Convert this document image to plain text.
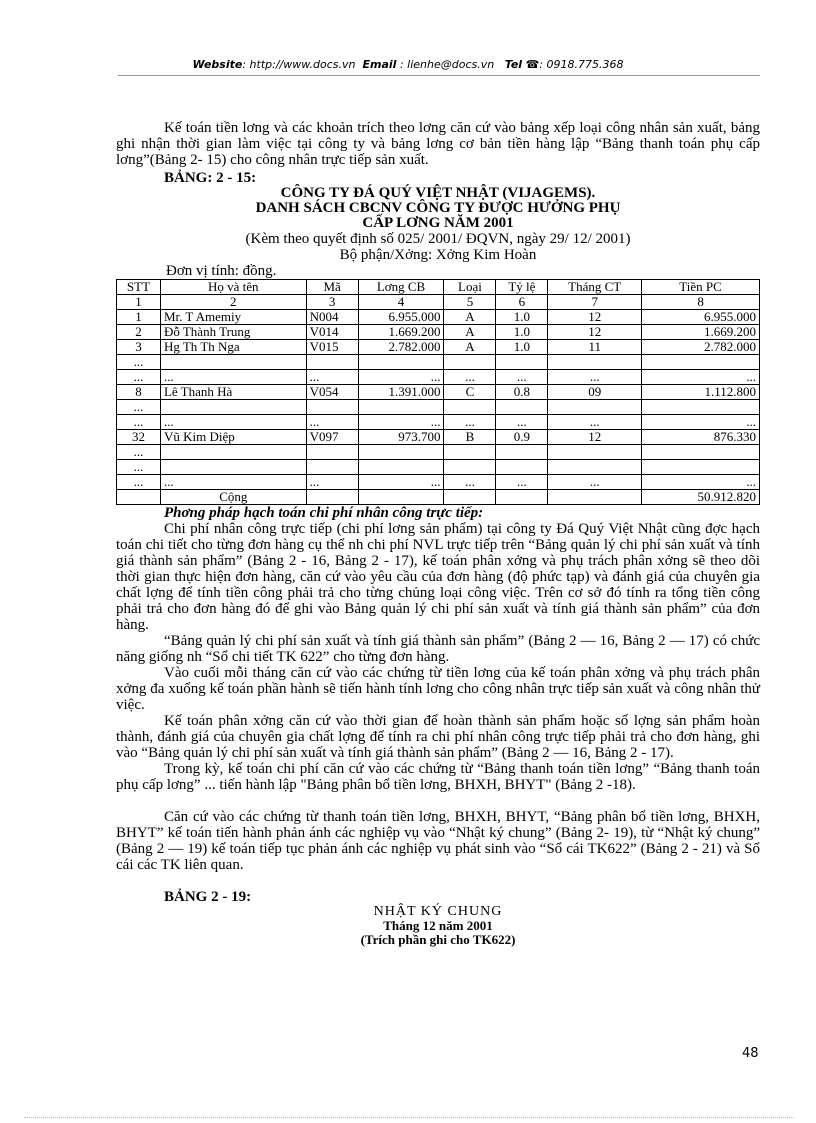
Website: http://www.docs.vn Email : lienhe@docs.vn Tel ☎: 0918.775.368

Kế toán tiền lơng và các khoản trích theo lơng căn cứ vào bảng xếp loại công nhân sản xuất, bảng ghi nhận thời gian làm việc tại công ty và bảng lơng cơ bản tiền hàng lập “Bảng thanh toán phụ cấp lơng”(Bảng 2- 15) cho công nhân trực tiếp sản xuất.

BẢNG: 2 - 15:
CÔNG TY ĐÁ QUÝ VIỆT NHẬT (VIJAGEMS).
DANH SÁCH CBCNV CÔNG TY ĐƯỢC HƯỞNG PHỤ
CẤP LƠNG NĂM 2001
(Kèm theo quyết định số 025/ 2001/ ĐQVN, ngày 29/ 12/ 2001)
Bộ phận/Xởng: Xởng Kim Hoàn
Đơn vị tính: đồng.
STT	Họ và tên	Mã	Lơng CB	Loại	Tỷ lệ	Tháng CT	Tiền PC
1	2	3	4	5	6	7	8
1	Mr. T Amemiy	N004	6.955.000	A	1.0	12	6.955.000
2	Đỗ Thành Trung	V014	1.669.200	A	1.0	12	1.669.200
3	Hg Th Th Nga	V015	2.782.000	A	1.0	11	2.782.000
...							
...	...	...	...	...	...	...	...
8	Lê Thanh Hà	V054	1.391.000	C	0.8	09	1.112.800
...							
...	...	...	...	...	...	...	...
32	Vũ Kim Diệp	V097	973.700	B	0.9	12	876.330
...							
...							
...	...	...	...	...	...	...	...
	Cộng						50.912.820
Phơng pháp hạch toán chi phí nhân công trực tiếp:

Chi phí nhân công trực tiếp (chi phí lơng sản phẩm) tại công ty Đá Quý Việt Nhật cũng đợc hạch toán chi tiết cho từng đơn hàng cụ thể nh chi phí NVL trực tiếp trên “Bảng quản lý chi phí sản xuất và tính giá thành sản phẩm” (Bảng 2 - 16, Bảng 2 - 17), kế toán phân xởng và phụ trách phân xởng sẽ theo dõi thời gian thực hiện đơn hàng, căn cứ vào yêu cầu của đơn hàng (độ phức tạp) và đánh giá của chuyên gia chất lợng để tính tiền công phải trả cho từng chủng loại công việc. Trên cơ sở đó tính ra tổng tiền công phải trả cho đơn hàng đó để ghi vào Bảng quản lý chi phí sản xuất và tính giá thành sản phẩm” của đơn hàng.

“Bảng quản lý chi phí sản xuất và tính giá thành sản phẩm” (Bảng 2 — 16, Bảng 2 — 17) có chức năng giống nh “Sổ chi tiết TK 622” cho từng đơn hàng.

Vào cuối mỗi tháng căn cứ vào các chứng từ tiền lơng của kế toán phân xởng và phụ trách phân xởng đa xuống kế toán phần hành sẽ tiến hành tính lơng cho công nhân trực tiếp sản xuất và công nhân thử việc.

Kế toán phân xởng căn cứ vào thời gian để hoàn thành sản phẩm hoặc số lợng sản phẩm hoàn thành, đánh giá của chuyên gia chất lợng để tính ra chi phí nhân công trực tiếp phải trả cho đơn hàng, ghi vào “Bảng quản lý chi phí sản xuất và tính giá thành sản phẩm” (Bảng 2 — 16, Bảng 2 - 17).

Trong kỳ, kế toán chi phí căn cứ vào các chứng từ “Bảng thanh toán tiền lơng” “Bảng thanh toán phụ cấp lơng” ... tiến hành lập "Bảng phân bổ tiền lơng, BHXH, BHYT" (Bảng 2 -18).

Căn cứ vào các chứng từ thanh toán tiền lơng, BHXH, BHYT, “Bảng phân bổ tiền lơng, BHXH, BHYT” kế toán tiến hành phản ánh các nghiệp vụ vào “Nhật ký chung” (Bảng 2- 19), từ “Nhật ký chung” (Bảng 2 — 19) kế toán tiếp tục phản ánh các nghiệp vụ phát sinh vào “Sổ cái TK622” (Bảng 2 - 21) và Sổ cái các TK liên quan.

BẢNG 2 - 19:
NHẬT KÝ CHUNG
Tháng 12 năm 2001
(Trích phần ghi cho TK622)
48
